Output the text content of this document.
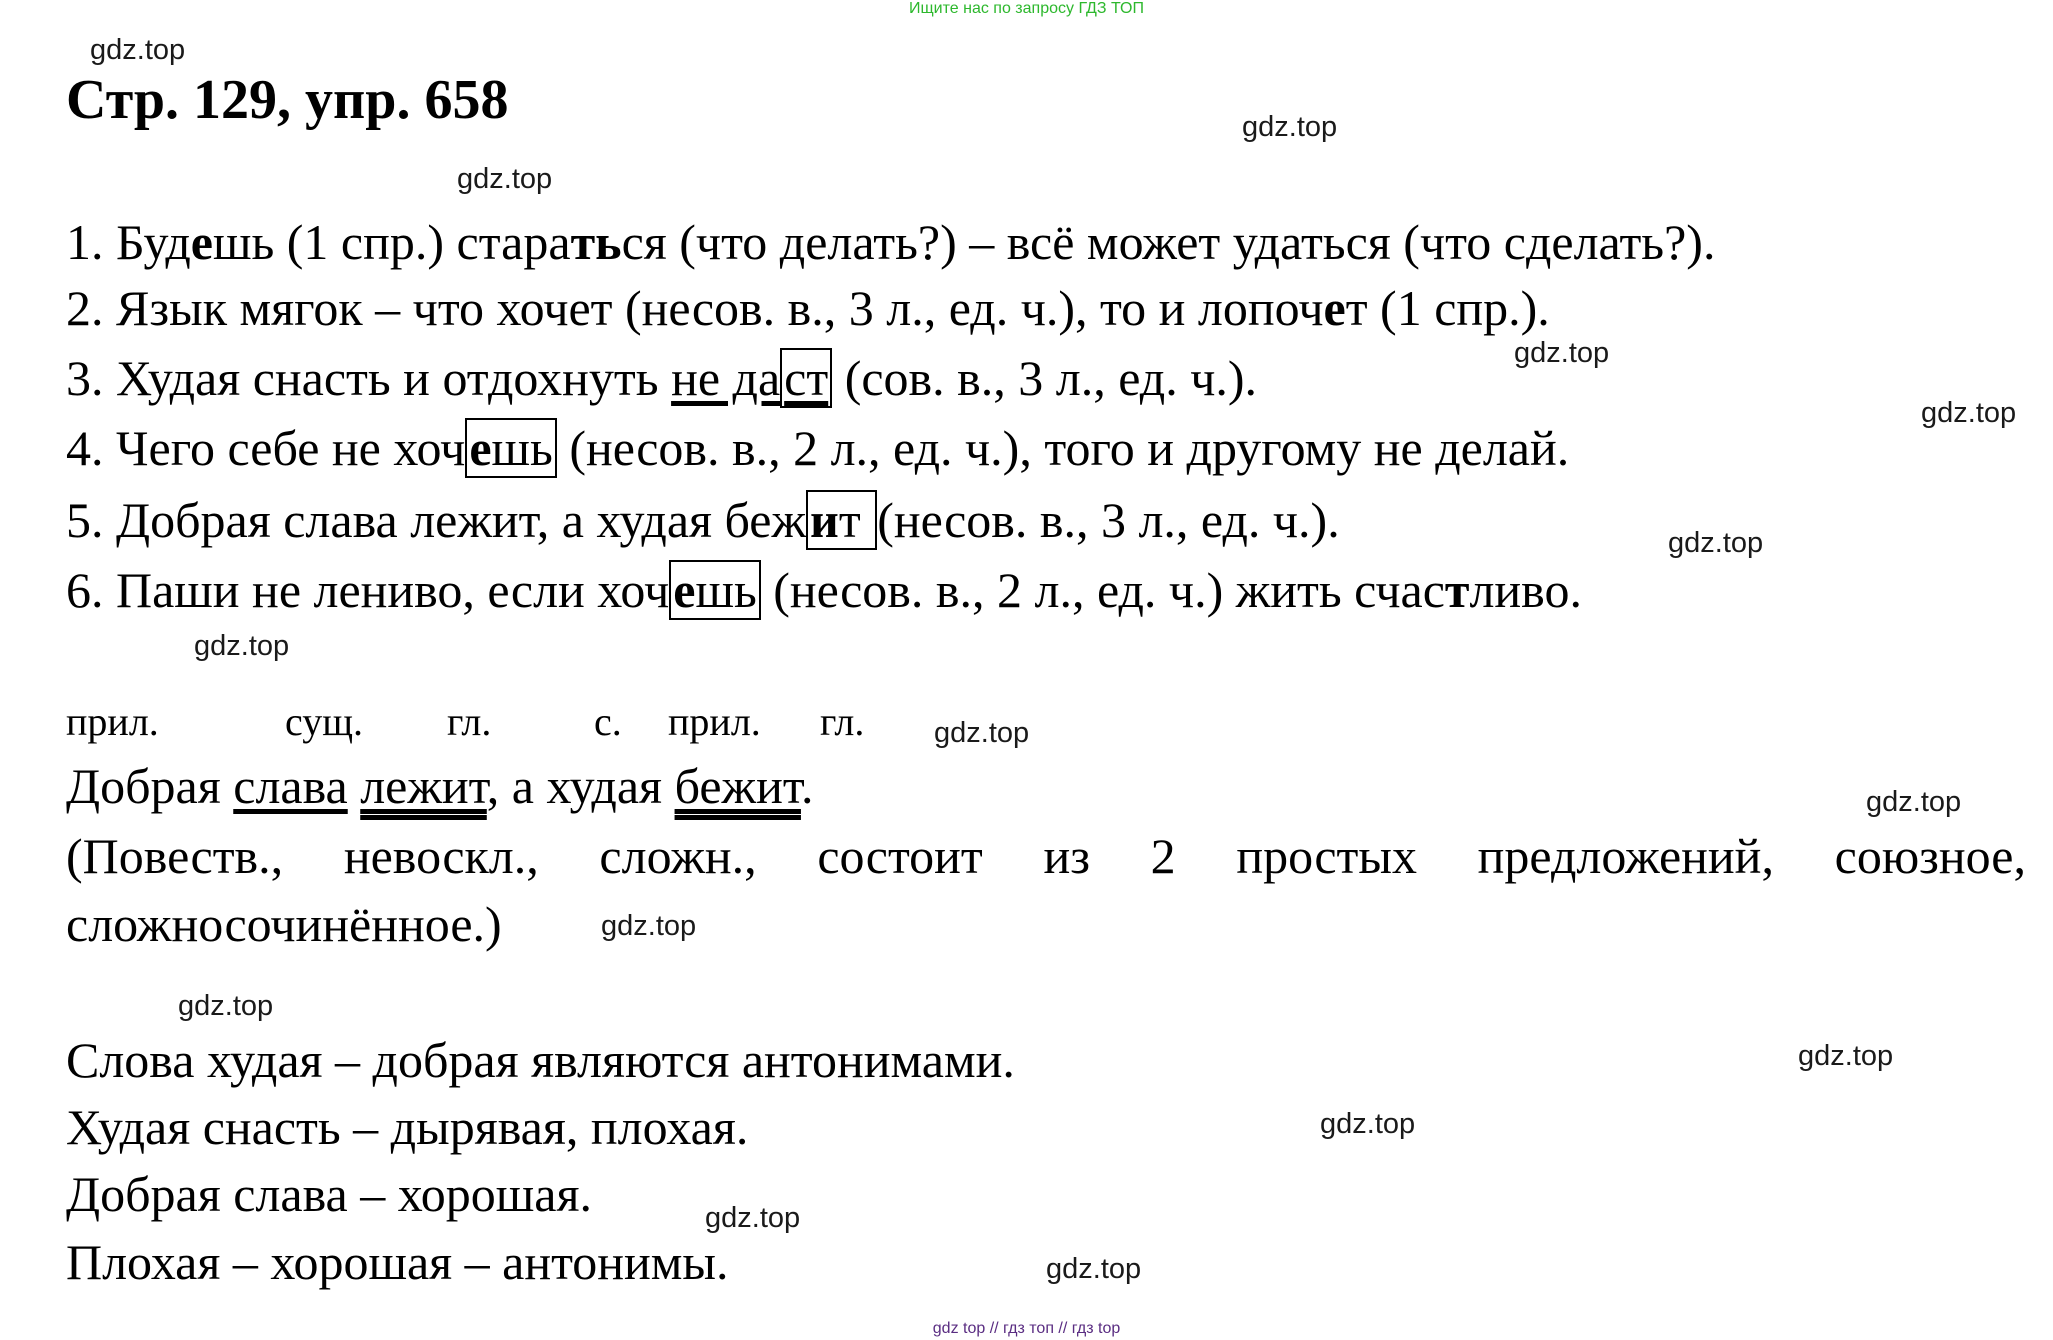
Ищите нас по запросу ГДЗ ТОП
Стр. 129, упр. 658
1. Будешь (1 спр.) стараться (что делать?) – всё может удаться (что сделать?).
2. Язык мягок – что хочет (несов. в., 3 л., ед. ч.), то и лопочет (1 спр.).
3. Худая снасть и отдохнуть не даст (сов. в., 3 л., ед. ч.).
4. Чего себе не хочешь (несов. в., 2 л., ед. ч.), того и другому не делай.
5. Добрая слава лежит, а худая бежит (несов. в., 3 л., ед. ч.).
6. Паши не лениво, если хочешь (несов. в., 2 л., ед. ч.) жить счастливо.
прил.	сущ. гл.	с. прил. гл.
Добрая слава лежит, а худая бежит.
(Повеств., невоскл., сложн., состоит из 2 простых предложений, союзное, сложносочинённое.)
Слова худая – добрая являются антонимами.
Худая снасть – дырявая, плохая.
Добрая слава – хорошая.
Плохая – хорошая – антонимы.
gdz.top
gdz.top
gdz.top
gdz.top
gdz.top
gdz.top
gdz.top
gdz.top
gdz.top
gdz.top
gdz.top
gdz.top
gdz.top
gdz.top
gdz.top
gdz top // гдз топ // гдз top
